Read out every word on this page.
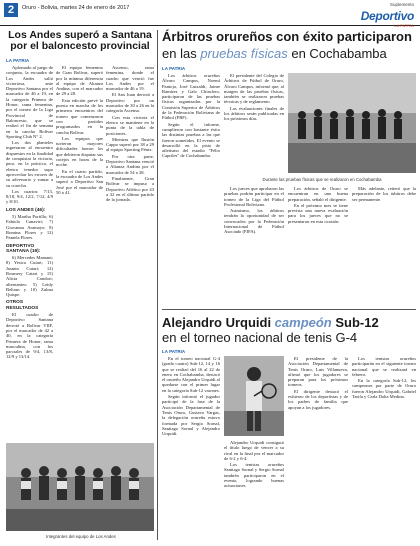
2	Oruro - Bolivia, martes 24 de enero de 2017
Suplemento
Deportivo
LA PATRIA
Los Andes superó a Santana por el baloncesto provincial
LA PATRIA

Aplomado al juego de conjunto, la escuadra de Los Andes salió victoriosa, ante Deportivo Santana por el marcador de 46 a 19, en la categoría Primera de Honor, rama femenina, por el torneo de la Liga Provincial de Baloncesto, que se realizó el fin de semana en la cancha Bolívar Sporting Club N° 2.

Los dos planteles ingresaron al encuentro dispuestos en la finalidad de conquistar la victoria, pero, en la práctica, el elenco tenedor supo aprovechar los errores de su adversario y sumar a su cosecha.

Los cuartos: 7/13, 8/18, 9/4, 12/2, 7/12, 4/9 y 8/10.

LOS ANDES (46):

5) Martha Portillo; 6) Fabiola Canaviri; 7) Giovanna Aramayo; 8) Romina Flores y 12) Pamela Flores.

DEPORTIVO SANTANA (19):

6) Mercedes Mamani; 8) Yesica Cutari; 11) Jasmin Cutari; 12) Rosmery Catari y 15) Alicia Condori; alternantes: 5) Leidy Beltran y 10) Zulma Quispe.

OTROS RESULTADOS

El cuadro de Deportivo Santana derrotó a Bolívar VIIF, por el marcador de 42 a 40, en la categoría Primera de Honor, rama masculina, con los parciales de 9/4, 13/8, 12/9 y 13/14.

El equipo femenino de Gran Bolívar, superó por la mínima diferencia al equipo de Alianza Andina, con el marcador de 29 a 28.

Esta edición prevé la puesta en marcha de los primeros encuentros del torneo que comenzaron con partidos programados en la cancha Bolívar.

Los equipos que tuvieron mayores dificultades fueron los que debieron disputar sus cotejos en horas de la noche.

En el cuarto partido, la escuadra de Los Andes superó a Deportivo San José por el marcador de 50 a 41.

Ascenso, rama femenina, donde el cuadro que venció fue Los Andes por el marcador de 46 a 19.

El San Juan derrotó a Deportivo por un marcador de 30 a 26 en la categoría Ascenso.

Con esta victoria el elenco se mantiene en la punta de la tabla de posiciones.

Mientras que Ilusión Cappo superó por 38 a 29 al equipo Sporting Fénix.

Por otra parte, Deportivo Santana venció a Alianza Andina por el marcador de 54 a 38.

Finalmente, Gran Bolívar se impuso a Deportivo Atlético por 43 a 32 en el último partido de la jornada.

Integrantes del equipo de Los Andes
Árbitros orureños con éxito participaron
en las pruebas físicas en Cochabamba
LA PATRIA

Los árbitros orureños Álvaro Campos, Noemí Pantoja, José Luizaldi, Jaime Ramírez y Galo Chirufero, participaron de las pruebas físicas organizadas por la Comisión Superior de Árbitros de la Federación Boliviana de Fútbol (FBF).

Según el informe, cumplieron con bastante éxito las distintas pruebas a las que fueron sometidos. El evento se desarrolló en la pista de atletismo del estadio "Félix Capriles" de Cochabamba.

El presidente del Colegio de Árbitros de Fútbol de Oruro, Álvaro Campos, informó que, al margen de las pruebas físicas, también se realizaron pruebas técnicas y de reglamento.

Las evaluaciones finales de los árbitros serán publicadas en los próximos días.

Durante las pruebas físicas que se realizaron en Cochabamba

Los jueces que aprobaron las pruebas podrán participar en el torneo de la Liga del Fútbol Profesional Boliviano.

Asimismo, los árbitros tendrán la oportunidad de ser convocados por la Federación Internacional de Fútbol Asociado (FIFA).

Los árbitros de Oruro se encuentran en una buena preparación, señaló el dirigente.

En el próximo mes se tiene prevista una nueva evaluación para los jueces que no se presentaron en esta ocasión.

Más adelante, reiteró que la preparación de los árbitros debe ser permanente.

Alejandro Urquidi campeón Sub-12
en el torneo nacional de tenis G-4
LA PATRIA

En el torneo nacional G-4 (grado cuatro) Sub-12, 14 y 16 que se realizó del 16 al 22 de enero en Cochabamba, destacó el orureño Alejandro Urquidi al quedarse con el primer lugar en la categoría Sub-12 varones.

Según informó el jugador participó de la fase de la Asociación Departamental de Tenis Oruro, Gustavo Vargas, la delegación orureña estuvo formada por Sergio Sornal, Santiago Sornal y Alejandro Urquidi.

Alejandro Urquidi consiguió el título luego de vencer a su rival en la final por el marcador de 6-2 y 6-4.

Los tenistas orureños Santiago Sornal y Sergio Sornal también participaron en el evento, logrando buenas actuaciones.

El presidente de la Asociación Departamental de Tenis Oruro, Luis Villanueva, afirmó que los jugadores se preparan para los próximos torneos.

El dirigente destacó el esfuerzo de los deportistas y de los padres de familia que apoyan a los jugadores.

Los tenistas orureños participarán en el siguiente torneo nacional que se realizará en febrero.

En la categoría Sub-12, los campeones por parte de Oruro fueron Alejandro Urquidi, Gabriel Tarifa y Carla Dalia Medina.
